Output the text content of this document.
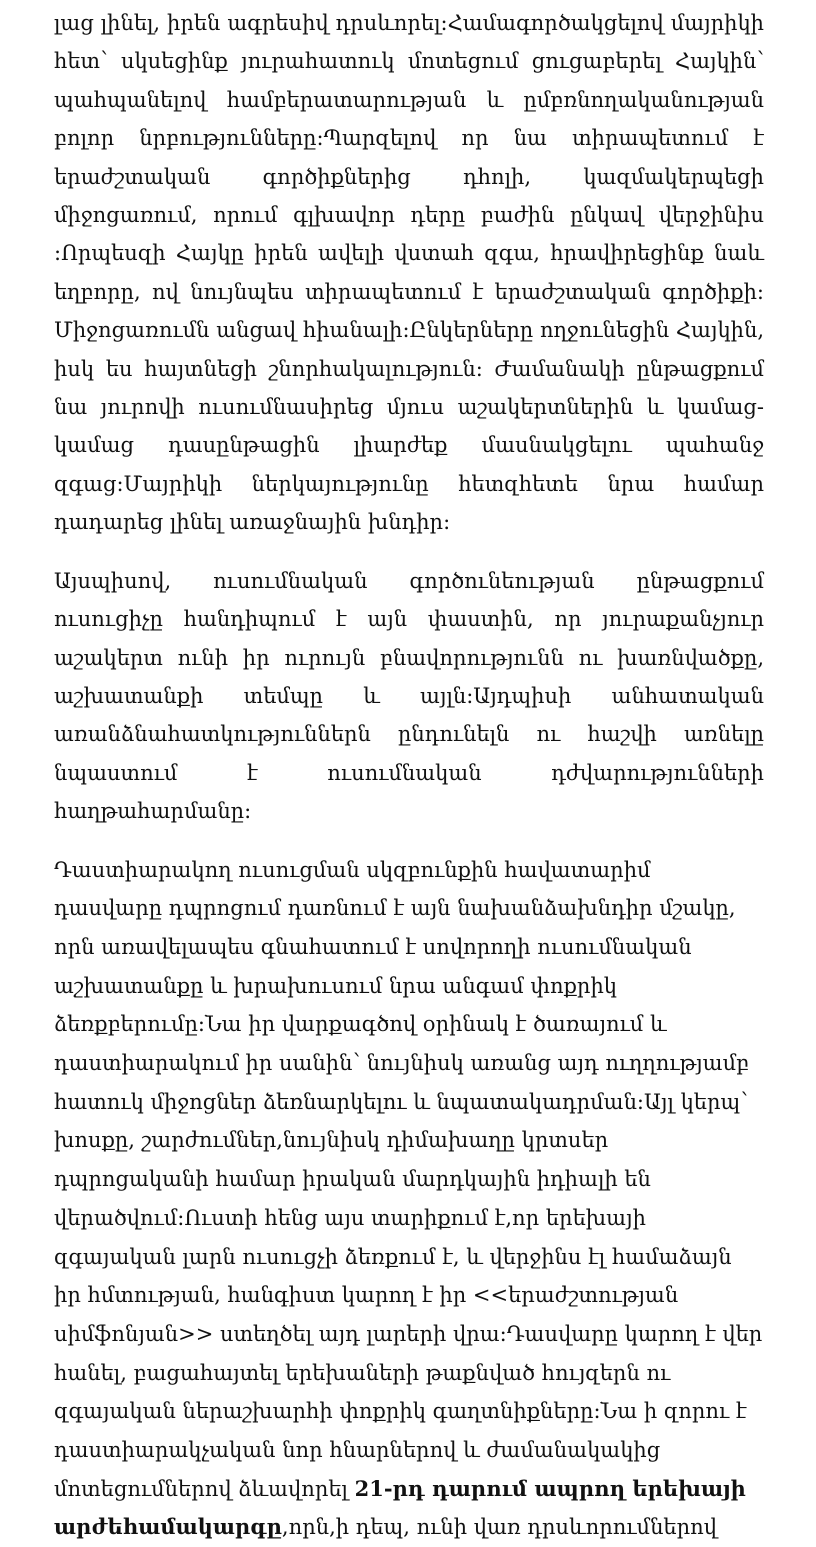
լաց լինել, իրեն ագրեսիվ դրսևորել:Համագործակցելով մայրիկի հետ՝ սկսեցինք յուրահատուկ մոտեցում ցուցաբերել Հայկին՝ պահպանելով համբերատարության և ըմբռնողականության բոլոր նրբությունները:Պարզելով որ նա տիրապետում է երաժշտական գործիքներից դհոլի, կազմակերպեցի միջոցառում, որում գլխավոր դերը բաժին ընկավ վերջինիս :Որպեսզի Հայկը իրեն ավելի վստահ զգա, հրավիրեցինք նաև եղբորը, ով նույնպես տիրապետում է երաժշտական գործիքի: Միջոցառումն անցավ հիանալի:Ընկերները ողջունեցին Հայկին, իսկ ես հայտնեցի շնորհակալություն: Ժամանակի ընթացքում նա յուրովի ուսումնասիրեց մյուս աշակերտներին և կամաց-կամաց դասընթացին լիարժեք մասնակցելու պահանջ զգաց:Մայրիկի ներկայությունը հետզհետե նրա համար դադարեց լինել առաջնային խնդիր:

Այսպիսով, ուսումնական գործունեության ընթացքում ուսուցիչը հանդիպում է այն փաստին, որ յուրաքանչյուր աշակերտ ունի իր ուրույն բնավորությունն ու խառնվածքը, աշխատանքի տեմպը և այլն:Այդպիսի անհատական առանձնահատկություններն ընդունելն ու հաշվի առնելը նպաստում է ուսումնական դժվարությունների հաղթահարմանը:

Դաստիարակող ուսուցման սկզբունքին հավատարիմ դասվարը դպրոցում դառնում է այն նախանձախնդիր մշակը, որն առավելապես գնահատում է սովորողի ուսումնական աշխատանքը և խրախուսում նրա անգամ փոքրիկ ձեռքբերումը:Նա իր վարքագծով օրինակ է ծառայում և դաստիարակում իր սանին՝ նույնիսկ առանց այդ ուղղությամբ հատուկ միջոցներ ձեռնարկելու և նպատակադրման:Այլ կերպ՝ խոսքը, շարժումներ,նույնիսկ դիմախաղը կրտսեր դպրոցականի համար իրական մարդկային իդիալի են վերածվում:Ուստի հենց այս տարիքում է,որ երեխայի զգայական լարն ուսուցչի ձեռքում է, և վերջինս էլ համաձայն իր հմտության, հանգիստ կարող է իր <<երաժշտության սիմֆոնյան>> ստեղծել այդ լարերի վրա:Դասվարը կարող է վեր հանել, բացահայտել երեխաների թաքնված հույզերն ու զգայական ներաշխարհի փոքրիկ գաղտնիքները:Նա ի զորու է դաստիարակչական նոր հնարներով և ժամանակակից մոտեցումներով ձևավորել 21-րդ դարում ապրող երեխայի արժեհամակարգը,որն,ի դեպ, ունի վառ դրսևորումներով
